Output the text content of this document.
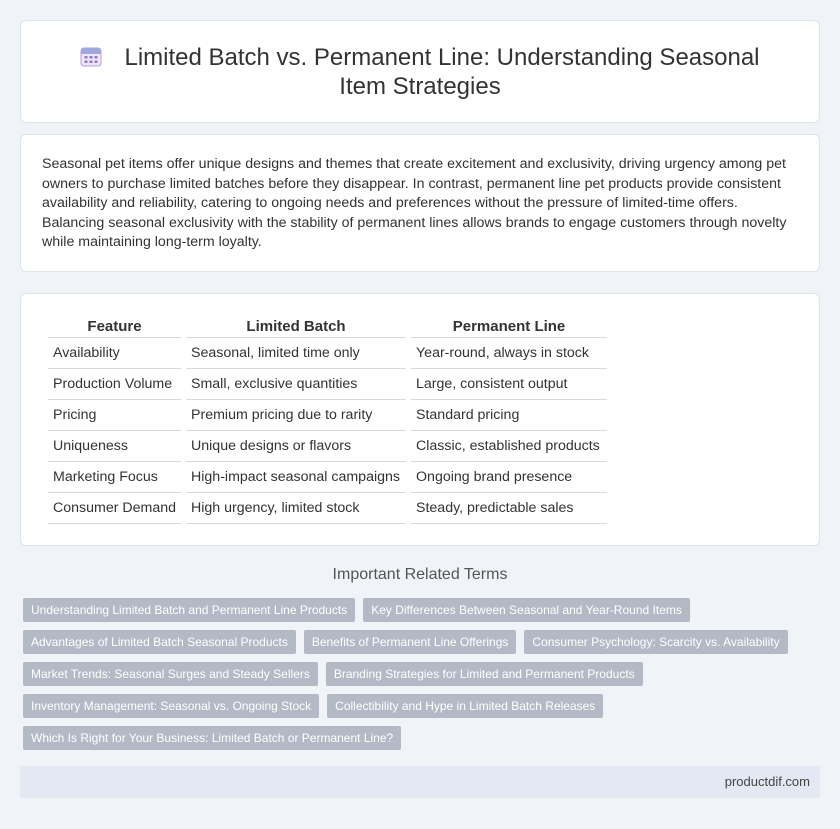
Limited Batch vs. Permanent Line: Understanding Seasonal Item Strategies

Seasonal pet items offer unique designs and themes that create excitement and exclusivity, driving urgency among pet owners to purchase limited batches before they disappear. In contrast, permanent line pet products provide consistent availability and reliability, catering to ongoing needs and preferences without the pressure of limited-time offers. Balancing seasonal exclusivity with the stability of permanent lines allows brands to engage customers through novelty while maintaining long-term loyalty.

Feature	Limited Batch	Permanent Line
Availability	Seasonal, limited time only	Year-round, always in stock
Production Volume	Small, exclusive quantities	Large, consistent output
Pricing	Premium pricing due to rarity	Standard pricing
Uniqueness	Unique designs or flavors	Classic, established products
Marketing Focus	High-impact seasonal campaigns	Ongoing brand presence
Consumer Demand	High urgency, limited stock	Steady, predictable sales
Important Related Terms
Understanding Limited Batch and Permanent Line Products	Key Differences Between Seasonal and Year-Round Items
Advantages of Limited Batch Seasonal Products	Benefits of Permanent Line Offerings	Consumer Psychology: Scarcity vs. Availability
Market Trends: Seasonal Surges and Steady Sellers	Branding Strategies for Limited and Permanent Products
Inventory Management: Seasonal vs. Ongoing Stock	Collectibility and Hype in Limited Batch Releases
Which Is Right for Your Business: Limited Batch or Permanent Line?
productdif.com
